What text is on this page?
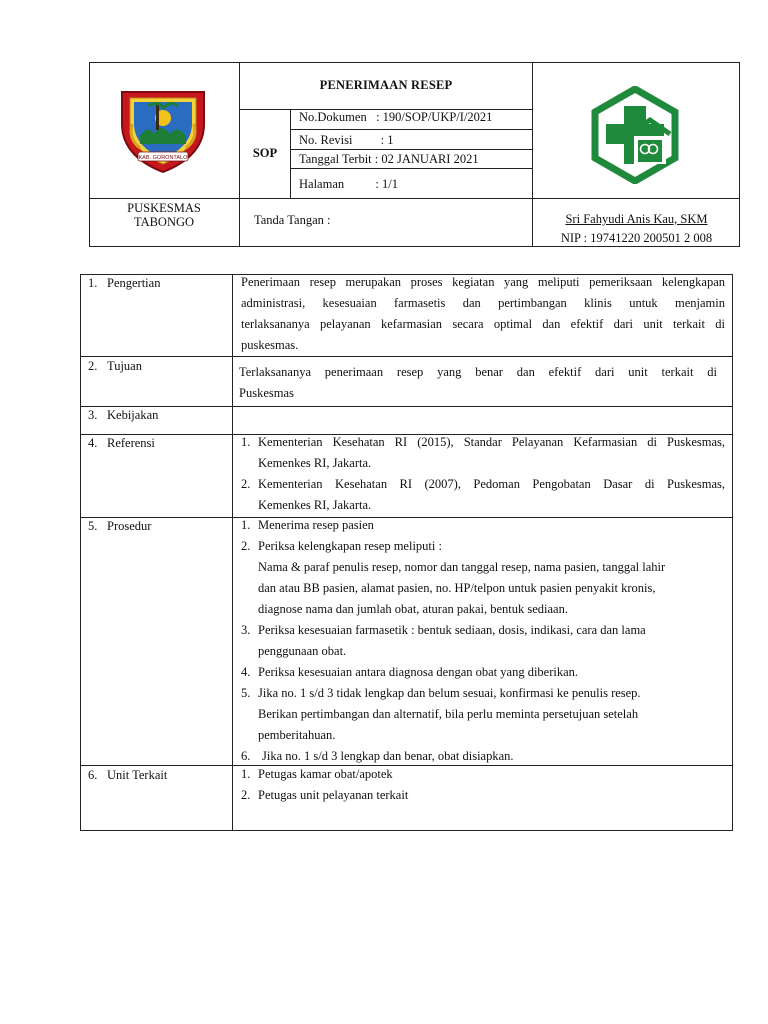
KAB. GORONTALO
PENERIMAAN RESEP
SOP
No.Dokumen   : 190/SOP/UKP/I/2021
No. Revisi         : 1
Tanggal Terbit : 02 JANUARI 2021
Halaman          : 1/1
PUSKESMAS
TABONGO	Tanda Tangan :	Sri Fahyudi Anis Kau, SKM
NIP : 19741220 200501 2 008
1. Pengertian	Penerimaan resep merupakan proses kegiatan yang meliputi pemeriksaan kelengkapan
administrasi, kesesuaian farmasetis dan pertimbangan klinis untuk menjamin
terlaksananya pelayanan kefarmasian secara optimal dan efektif dari unit terkait di
puskesmas.
2. Tujuan	Terlaksananya penerimaan resep yang benar dan efektif dari unit terkait di
Puskesmas
3. Kebijakan
4. Referensi	1. Kementerian Kesehatan RI (2015), Standar Pelayanan Kefarmasian di Puskesmas,

Kemenkes RI, Jakarta.

2. Kementerian Kesehatan RI (2007), Pedoman Pengobatan Dasar di Puskesmas,

Kemenkes RI, Jakarta.

5. Prosedur	1. Menerima resep pasien

2. Periksa kelengkapan resep meliputi :

Nama & paraf penulis resep, nomor dan tanggal resep, nama pasien, tanggal lahir

dan atau BB pasien, alamat pasien, no. HP/telpon untuk pasien penyakit kronis,

diagnose nama dan jumlah obat, aturan pakai, bentuk sediaan.

3. Periksa kesesuaian farmasetik : bentuk sediaan, dosis, indikasi, cara dan lama

penggunaan obat.

4. Periksa kesesuaian antara diagnosa dengan obat yang diberikan.

5. Jika no. 1 s/d 3 tidak lengkap dan belum sesuai, konfirmasi ke penulis resep.

Berikan pertimbangan dan alternatif, bila perlu meminta persetujuan setelah

pemberitahuan.

6. Jika no. 1 s/d 3 lengkap dan benar, obat disiapkan.

6. Unit Terkait	1. Petugas kamar obat/apotek

2. Petugas unit pelayanan terkait
